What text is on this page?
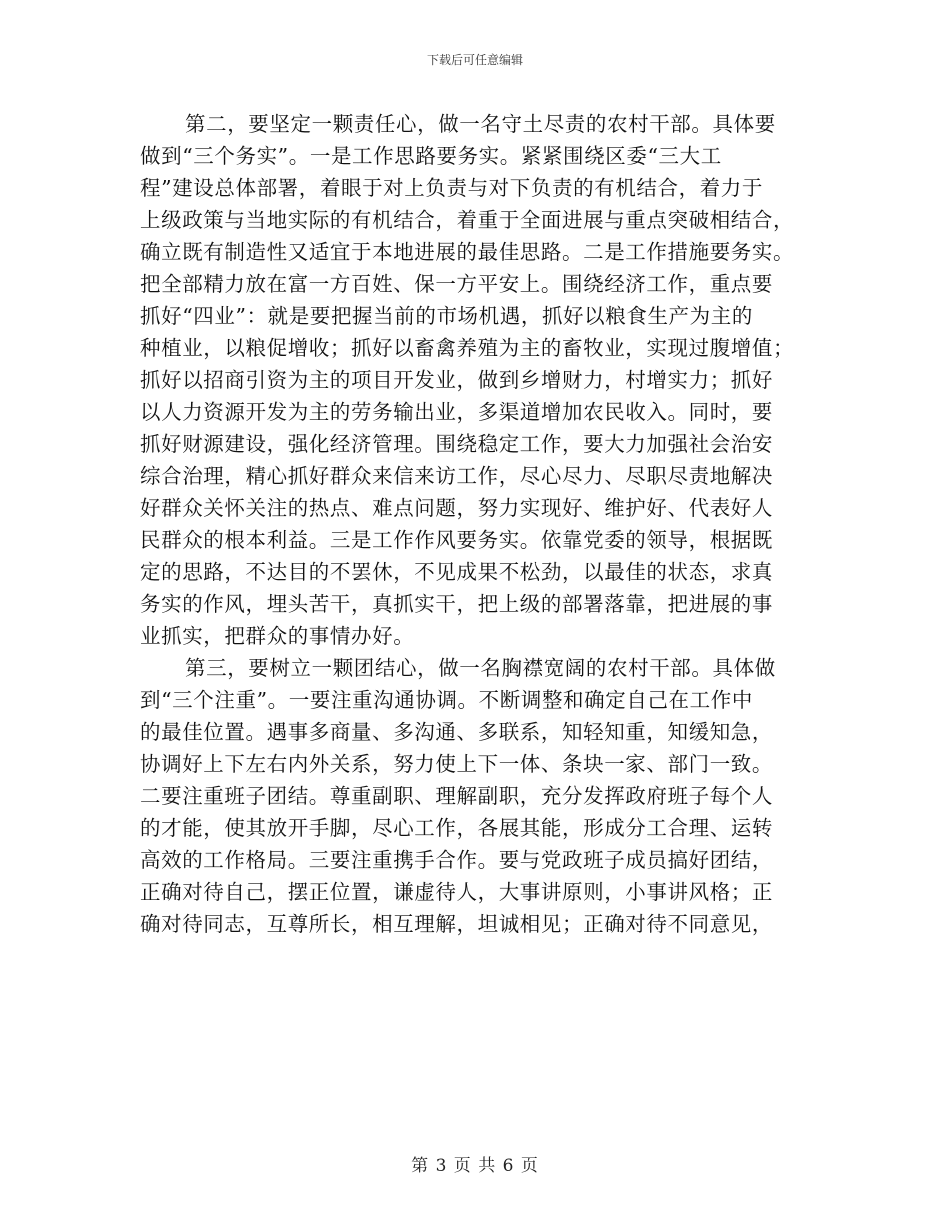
下载后可任意编辑
第二，要坚定一颗责任心，做一名守土尽责的农村干部。具体要
做到“三个务实”。一是工作思路要务实。紧紧围绕区委“三大工
程”建设总体部署，着眼于对上负责与对下负责的有机结合，着力于
上级政策与当地实际的有机结合，着重于全面进展与重点突破相结合，
确立既有制造性又适宜于本地进展的最佳思路。二是工作措施要务实。
把全部精力放在富一方百姓、保一方平安上。围绕经济工作，重点要
抓好“四业”：就是要把握当前的市场机遇，抓好以粮食生产为主的
种植业，以粮促增收；抓好以畜禽养殖为主的畜牧业，实现过腹增值；
抓好以招商引资为主的项目开发业，做到乡增财力，村增实力；抓好
以人力资源开发为主的劳务输出业，多渠道增加农民收入。同时，要
抓好财源建设，强化经济管理。围绕稳定工作，要大力加强社会治安
综合治理，精心抓好群众来信来访工作，尽心尽力、尽职尽责地解决
好群众关怀关注的热点、难点问题，努力实现好、维护好、代表好人
民群众的根本利益。三是工作作风要务实。依靠党委的领导，根据既
定的思路，不达目的不罢休，不见成果不松劲，以最佳的状态，求真
务实的作风，埋头苦干，真抓实干，把上级的部署落靠，把进展的事
业抓实，把群众的事情办好。
第三，要树立一颗团结心，做一名胸襟宽阔的农村干部。具体做
到“三个注重”。一要注重沟通协调。不断调整和确定自己在工作中
的最佳位置。遇事多商量、多沟通、多联系，知轻知重，知缓知急，
协调好上下左右内外关系，努力使上下一体、条块一家、部门一致。
二要注重班子团结。尊重副职、理解副职，充分发挥政府班子每个人
的才能，使其放开手脚，尽心工作，各展其能，形成分工合理、运转
高效的工作格局。三要注重携手合作。要与党政班子成员搞好团结，
正确对待自己，摆正位置，谦虚待人，大事讲原则，小事讲风格；正
确对待同志，互尊所长，相互理解，坦诚相见；正确对待不同意见，
第 3 页 共 6 页
